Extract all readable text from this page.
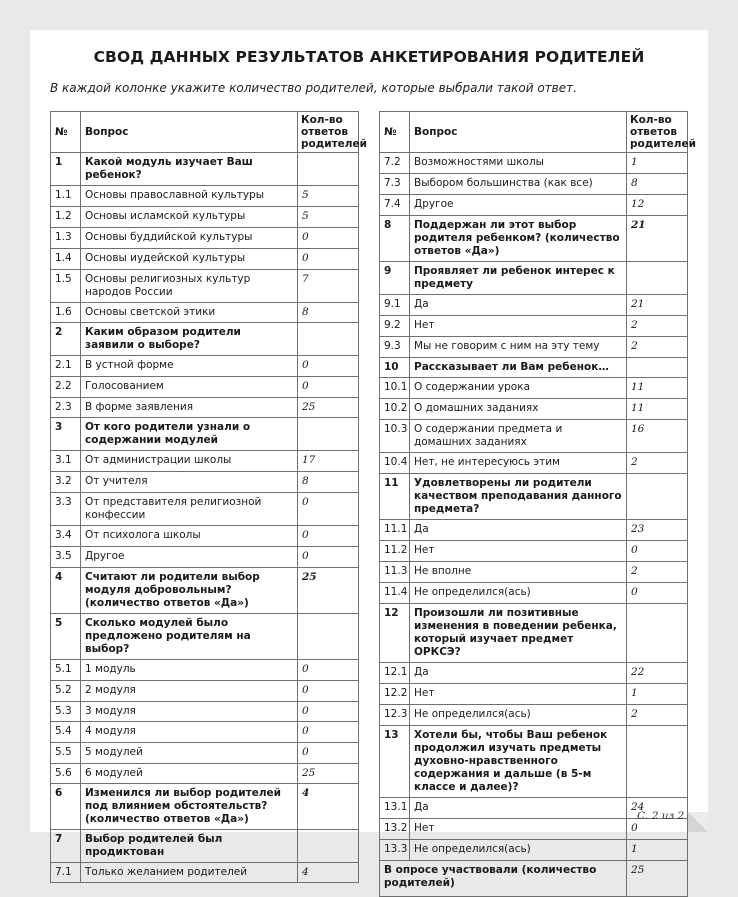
СВОД ДАННЫХ РЕЗУЛЬТАТОВ АНКЕТИРОВАНИЯ РОДИТЕЛЕЙ
В каждой колонке укажите количество родителей, которые выбрали такой ответ.
№	Вопрос	Кол-во ответов родителей
1	Какой модуль изучает Ваш ребенок?	
1.1	Основы православной культуры	5
1.2	Основы исламской культуры	5
1.3	Основы буддийской культуры	0
1.4	Основы иудейской культуры	0
1.5	Основы религиозных культур народов России	7
1.6	Основы светской этики	8
2	Каким образом родители заявили о выборе?	
2.1	В устной форме	0
2.2	Голосованием	0
2.3	В форме заявления	25
3	От кого родители узнали о содержании модулей	
3.1	От администрации школы	17
3.2	От учителя	8
3.3	От представителя религиозной конфессии	0
3.4	От психолога школы	0
3.5	Другое	0
4	Считают ли родители выбор модуля добровольным? (количество ответов «Да»)	25
5	Сколько модулей было предложено родителям на выбор?	
5.1	1 модуль	0
5.2	2 модуля	0
5.3	3 модуля	0
5.4	4 модуля	0
5.5	5 модулей	0
5.6	6 модулей	25
6	Изменился ли выбор родителей под влиянием обстоятельств? (количество ответов «Да»)	4
7	Выбор родителей был продиктован	
7.1	Только желанием родителей	4
№	Вопрос	Кол-во ответов родителей
7.2	Возможностями школы	1
7.3	Выбором большинства (как все)	8
7.4	Другое	12
8	Поддержан ли этот выбор родителя ребенком? (количество ответов «Да»)	21
9	Проявляет ли ребенок интерес к предмету	
9.1	Да	21
9.2	Нет	2
9.3	Мы не говорим с ним на эту тему	2
10	Рассказывает ли Вам ребенок…	
10.1	О содержании урока	11
10.2	О домашних заданиях	11
10.3	О содержании предмета и домашних заданиях	16
10.4	Нет, не интересуюсь этим	2
11	Удовлетворены ли родители качеством преподавания данного предмета?	
11.1	Да	23
11.2	Нет	0
11.3	Не вполне	2
11.4	Не определился(ась)	0
12	Произошли ли позитивные изменения в поведении ребенка, который изучает предмет ОРКСЭ?	
12.1	Да	22
12.2	Нет	1
12.3	Не определился(ась)	2
13	Хотели бы, чтобы Ваш ребенок продолжил изучать предметы духовно-нравственного содержания и дальше (в 5-м классе и далее)?	
13.1	Да	24
13.2	Нет	0
13.3	Не определился(ась)	1
В опросе участвовали (количество родителей)		25
С. 2 из 2
